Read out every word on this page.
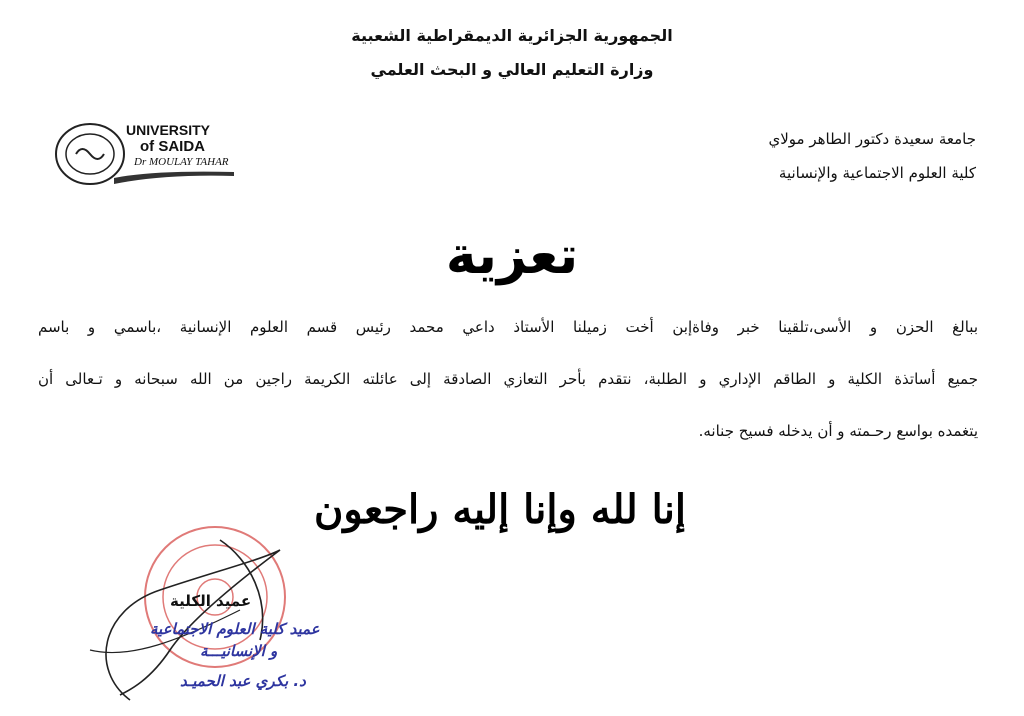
الجمهورية الجزائرية الديمقراطية الشعبية
وزارة التعليم العالي و البحث العلمي
UNIVERSITY
of SAIDA
Dr MOULAY TAHAR
جامعة سعيدة دكتور الطاهر مولاي
كلية العلوم الاجتماعية والإنسانية
تعزية
ببالغ الحزن و الأسى،تلقينا خبر وفاةإبن أخت زميلنا الأستاذ داعي محمد رئيس قسم العلوم الإنسانية ،باسمي و باسم
جميع أساتذة الكلية و الطاقم الإداري و الطلبة، نتقدم بأحر التعازي الصادقة إلى عائلته الكريمة راجين من الله سبحانه و تـعالى أن
يتغمده بواسع رحـمته و أن يدخله فسيح جنانه.
إنا لله وإنا إليه راجعون
عميد الكلية
عميد كلية العلوم الاجتماعية
و الإنسانيـــة
د. بكري عبد الحميـد
